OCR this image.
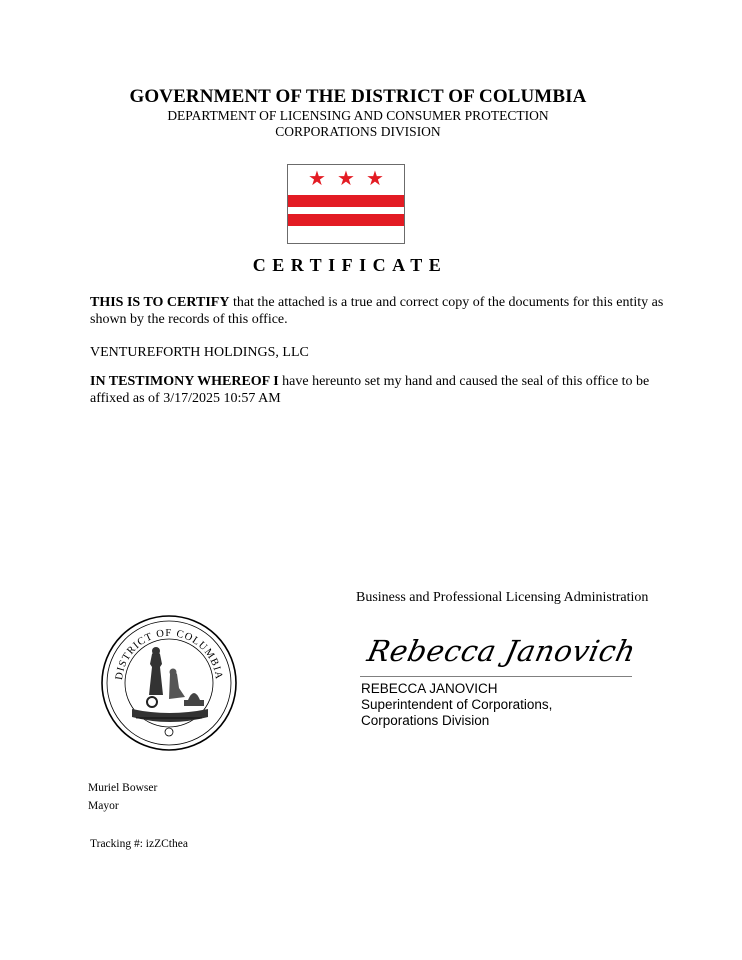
GOVERNMENT OF THE DISTRICT OF COLUMBIA
DEPARTMENT OF LICENSING AND CONSUMER PROTECTION
CORPORATIONS DIVISION
★ ★ ★
CERTIFICATE
THIS IS TO CERTIFY that the attached is a true and correct copy of the documents for this entity as shown by the records of this office.
VENTUREFORTH HOLDINGS, LLC
IN TESTIMONY WHEREOF I have hereunto set my hand and caused the seal of this office to be affixed as of 3/17/2025 10:57 AM
Business and Professional Licensing Administration
DISTRICT OF COLUMBIA
Rebecca Janovich
REBECCA JANOVICH
Superintendent of Corporations,
Corporations Division
Muriel Bowser
Mayor
Tracking #: izZCthea
